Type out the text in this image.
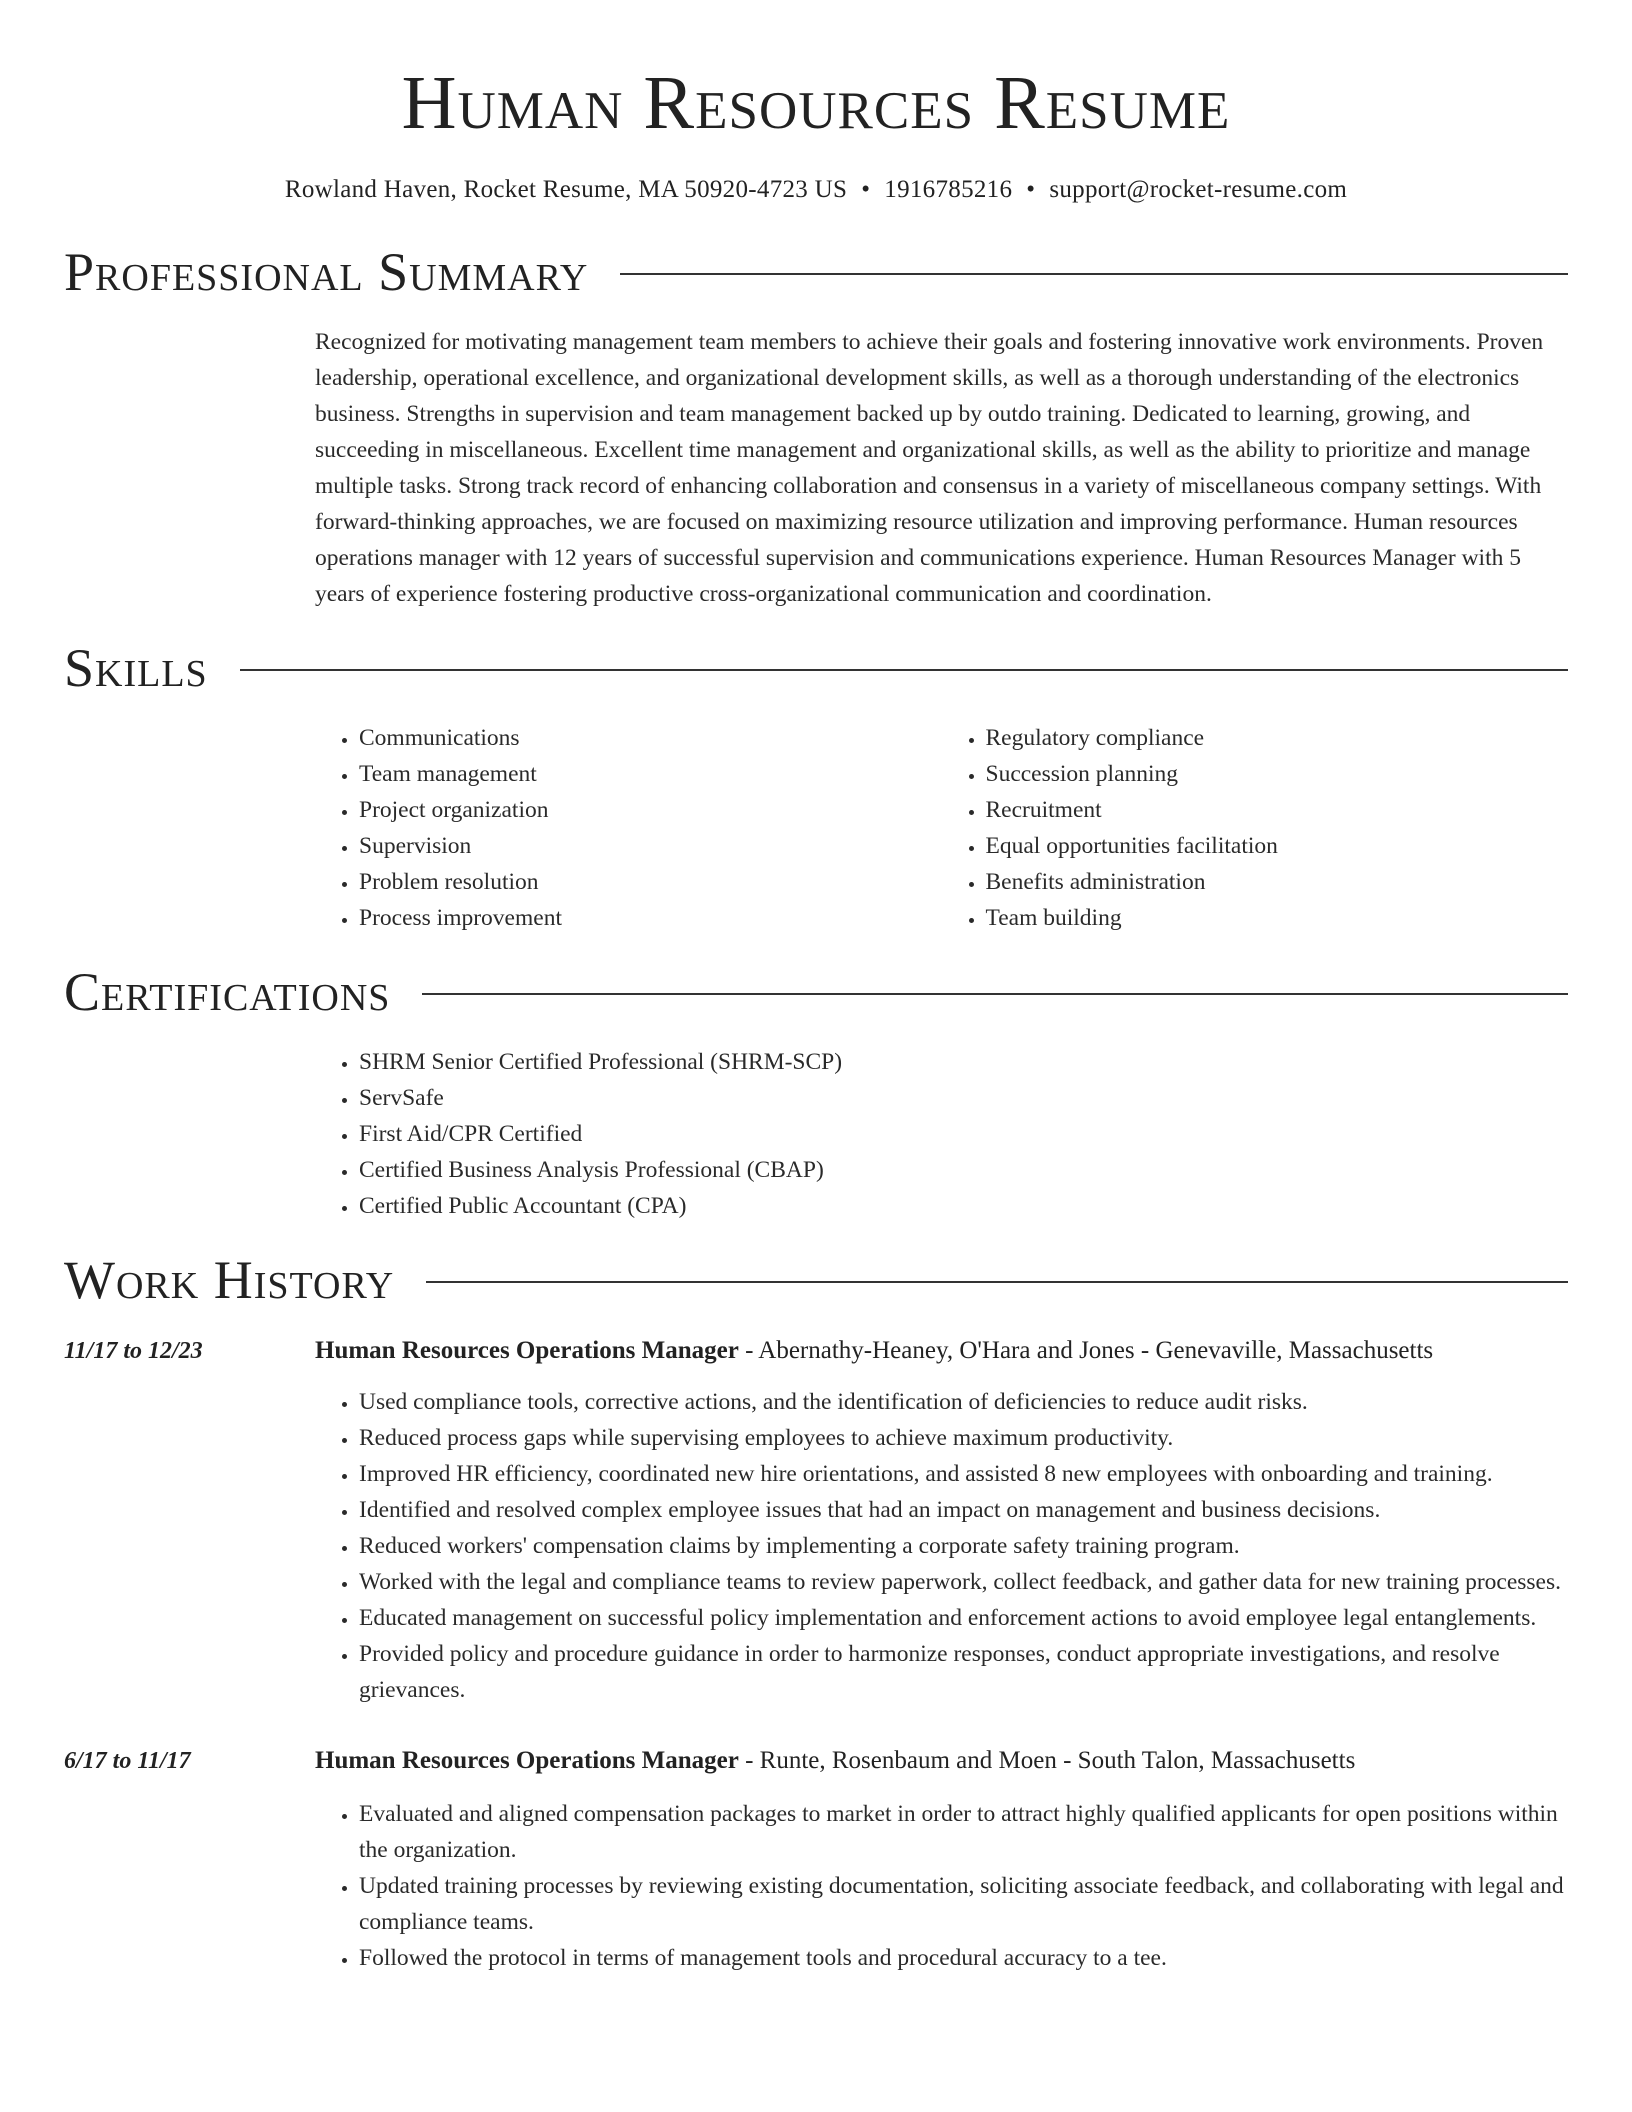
Human Resources Resume
Rowland Haven, Rocket Resume, MA 50920-4723 US • 1916785216 • support@rocket-resume.com
Professional Summary

Recognized for motivating management team members to achieve their goals and fostering innovative work environments. Proven leadership, operational excellence, and organizational development skills, as well as a thorough understanding of the electronics business. Strengths in supervision and team management backed up by outdo training. Dedicated to learning, growing, and succeeding in miscellaneous. Excellent time management and organizational skills, as well as the ability to prioritize and manage multiple tasks. Strong track record of enhancing collaboration and consensus in a variety of miscellaneous company settings. With forward-thinking approaches, we are focused on maximizing resource utilization and improving performance. Human resources operations manager with 12 years of successful supervision and communications experience. Human Resources Manager with 5 years of experience fostering productive cross-organizational communication and coordination.

Skills
• Communications
• Team management
• Project organization
• Supervision
• Problem resolution
• Process improvement
• Regulatory compliance
• Succession planning
• Recruitment
• Equal opportunities facilitation
• Benefits administration
• Team building
Certifications
• SHRM Senior Certified Professional (SHRM-SCP)
• ServSafe
• First Aid/CPR Certified
• Certified Business Analysis Professional (CBAP)
• Certified Public Accountant (CPA)
Work History
11/17 to 12/23	Human Resources Operations Manager - Abernathy-Heaney, O'Hara and Jones - Genevaville, Massachusetts
• Used compliance tools, corrective actions, and the identification of deficiencies to reduce audit risks.
• Reduced process gaps while supervising employees to achieve maximum productivity.
• Improved HR efficiency, coordinated new hire orientations, and assisted 8 new employees with onboarding and training.
• Identified and resolved complex employee issues that had an impact on management and business decisions.
• Reduced workers' compensation claims by implementing a corporate safety training program.
• Worked with the legal and compliance teams to review paperwork, collect feedback, and gather data for new training processes.
• Educated management on successful policy implementation and enforcement actions to avoid employee legal entanglements.
• Provided policy and procedure guidance in order to harmonize responses, conduct appropriate investigations, and resolve grievances.
6/17 to 11/17	Human Resources Operations Manager - Runte, Rosenbaum and Moen - South Talon, Massachusetts
• Evaluated and aligned compensation packages to market in order to attract highly qualified applicants for open positions within the organization.
• Updated training processes by reviewing existing documentation, soliciting associate feedback, and collaborating with legal and compliance teams.
• Followed the protocol in terms of management tools and procedural accuracy to a tee.
